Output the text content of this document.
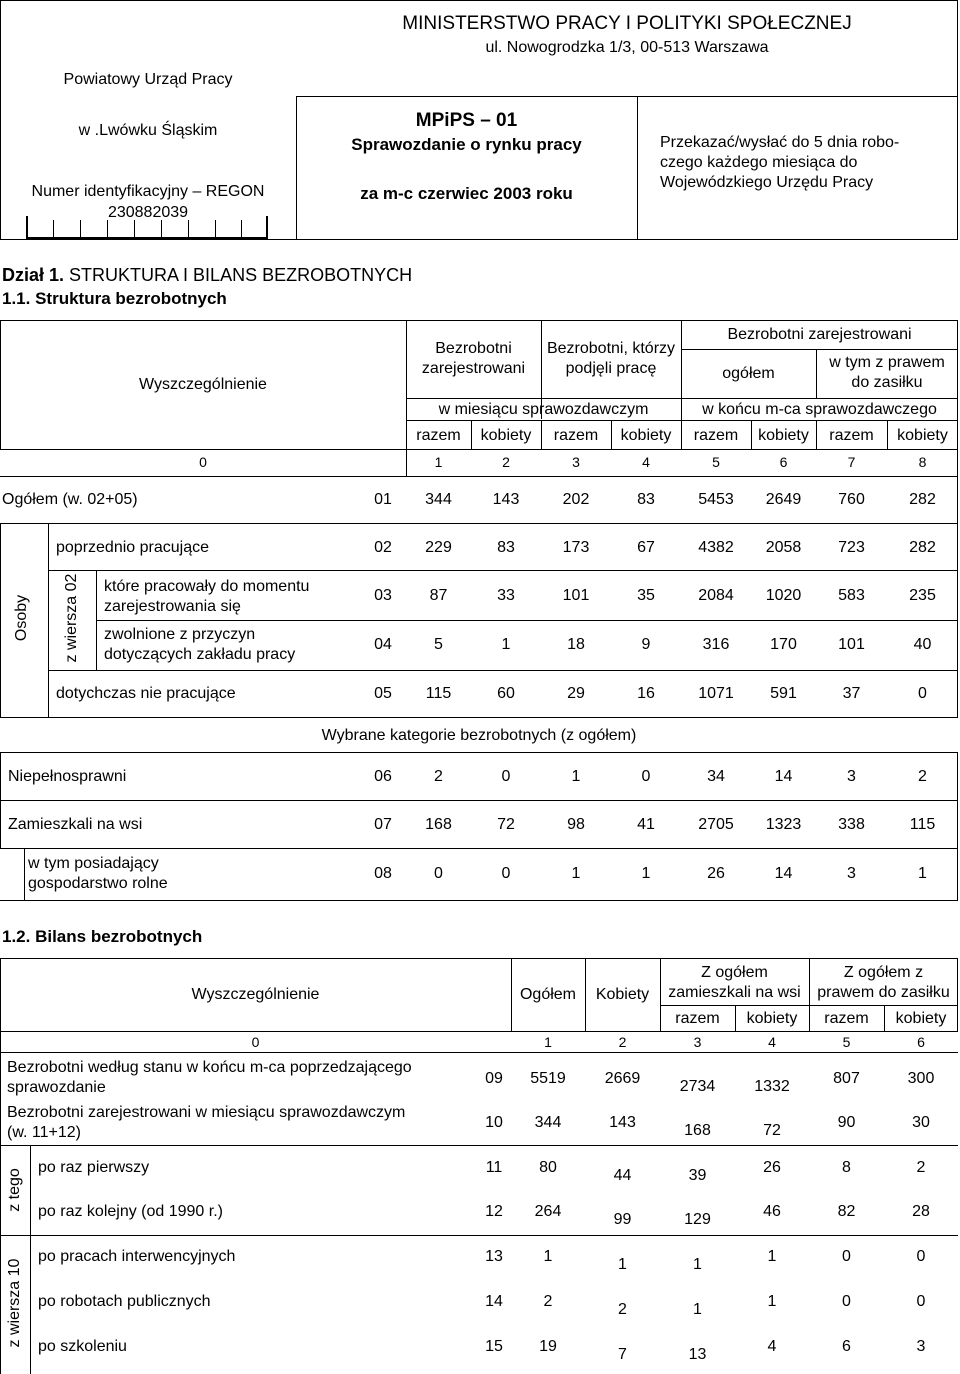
Powiatowy Urząd Pracy
w .Lwówku Śląskim
Numer identyfikacyjny – REGON
230882039
MINISTERSTWO PRACY I POLITYKI SPOŁECZNEJ
ul. Nowogrodzka 1/3, 00-513 Warszawa
MPiPS – 01
Sprawozdanie o rynku pracy
za m-c czerwiec 2003 roku
Przekazać/wysłać do 5 dnia robo-
czego każdego miesiąca do
Wojewódzkiego Urzędu Pracy
Dział 1. STRUKTURA I BILANS BEZROBOTNYCH
1.1. Struktura bezrobotnych
Wyszczególnienie
Bezrobotni
zarejestrowani
Bezrobotni, którzy
podjęli pracę
w miesiącu sprawozdawczym
Bezrobotni zarejestrowani
ogółem
w tym z prawem
do zasiłku
w końcu m-ca sprawozdawczego
razem	kobiety	razem	kobiety	razem	kobiety	razem	kobiety
0	1	2	3	4	5	6	7	8
Osoby z wiersza 02
Ogółem (w. 02+05)	01	344	143	202	83	5453	2649	760	282
poprzednio pracujące	02	229	83	173	67	4382	2058	723	282
które pracowały do momentu
zarejestrowania się
03	87	33	101	35	2084	1020	583	235
zwolnione z przyczyn
dotyczących zakładu pracy
04	5	1	18	9	316	170	101	40
dotychczas nie pracujące	05	115	60	29	16	1071	591	37	0
Wybrane kategorie bezrobotnych (z ogółem)
Niepełnosprawni	06	2	0	1	0	34	14	3	2
Zamieszkali na wsi	07	168	72	98	41	2705	1323	338	115
w tym posiadający
gospodarstwo rolne
08	0	0	1	1	26	14	3	1
1.2. Bilans bezrobotnych
Wyszczególnienie	Ogółem	Kobiety
Z ogółem
zamieszkali na wsi
Z ogółem z
prawem do zasiłku
razem	kobiety	razem	kobiety
0	1	2	3	4	5	6
z tego
z wiersza 10
Bezrobotni według stanu w końcu m-ca poprzedzającego
sprawozdanie
09	5519	2669	2734	1332	807	300
Bezrobotni zarejestrowani w miesiącu sprawozdawczym
(w. 11+12)
10	344	143	168	72	90	30
po raz pierwszy	11	80	44	39	26	8	2
po raz kolejny (od 1990 r.)	12	264	99	129	46	82	28
po pracach interwencyjnych	13	1	1	1	1	0	0
po robotach publicznych	14	2	2	1	1	0	0
po szkoleniu	15	19	7	13	4	6	3
